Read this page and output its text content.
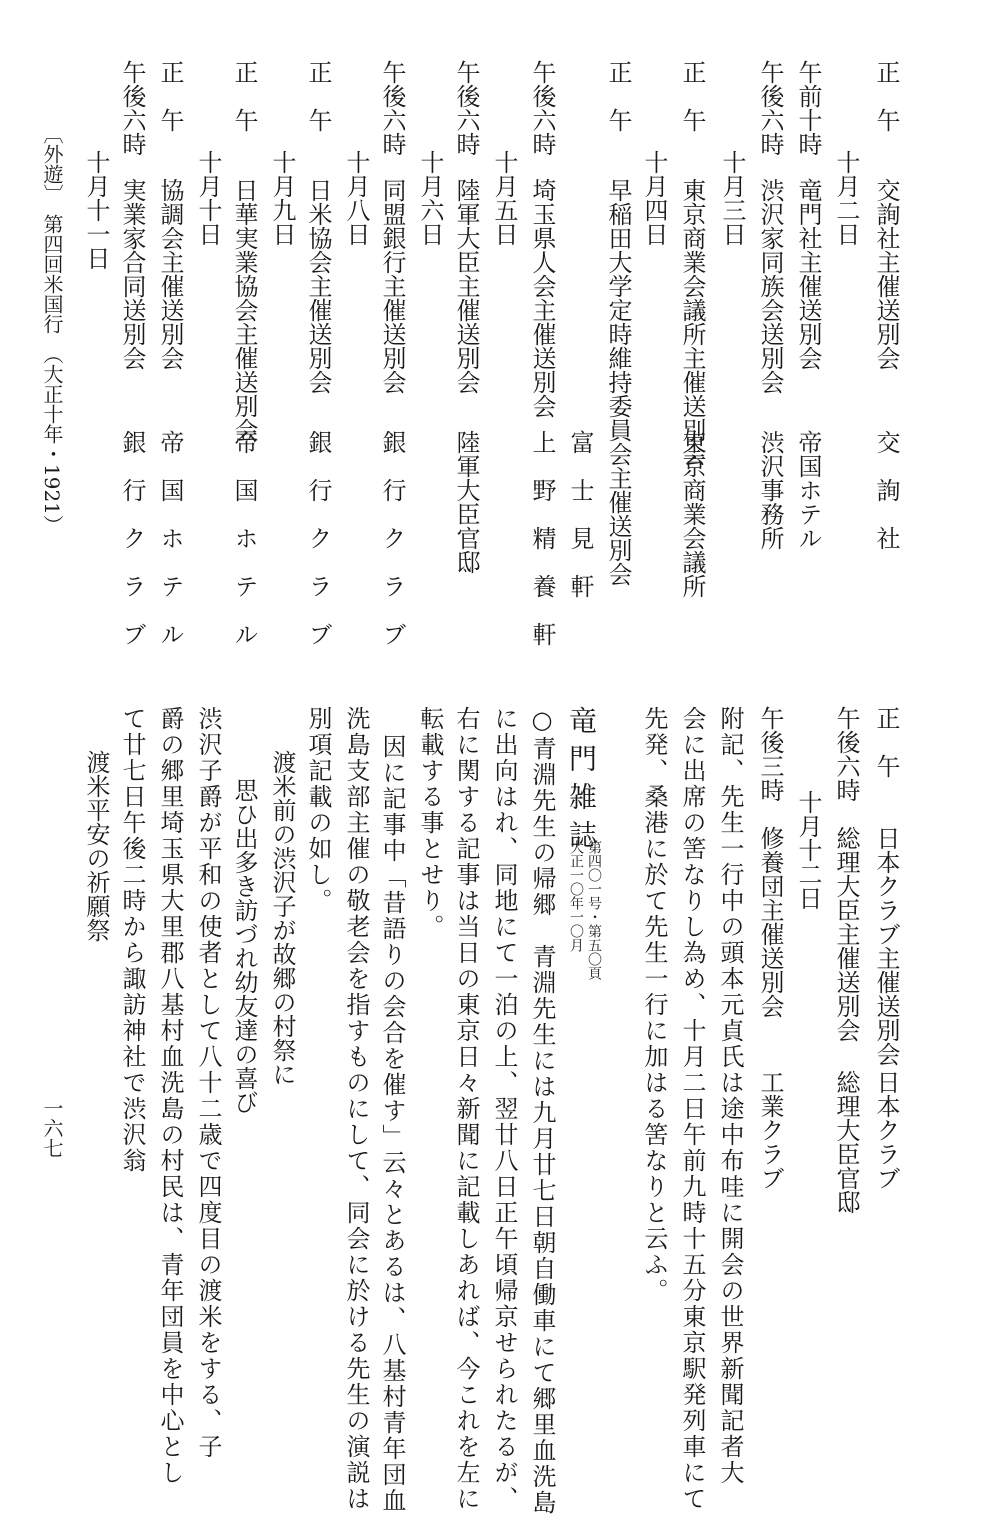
正　午
十月二日 交詢社主催送別会
交　詢　社
午前十時
竜門社主催送別会
帝国ホテル
午後六時
十月三日 渋沢家同族会送別会
渋沢事務所
正　午
東京商業会議所主催送別会
東京商業会議所
正　午
十月四日
早稲田大学定時維持委員会主催送別会
富　士　見　軒
午後六時
十月五日 埼玉県人会主催送別会
上　野　精　養　軒
午後六時
十月六日 陸軍大臣主催送別会
陸軍大臣官邸
午後六時
十月八日 同盟銀行主催送別会
銀　行　ク　ラ　ブ
正　午
十月九日 日米協会主催送別会
銀　行　ク　ラ　ブ
正　午
十月十日 日華実業協会主催送別会
帝　国　ホ　テ　ル
正　午
協調会主催送別会
帝　国　ホ　テ　ル
午後六時
十月十一日 実業家合同送別会
銀　行　ク　ラ　ブ
〔外遊〕
第四回米国行
（大正十年・1921）
一六七
正　午
日本クラブ主催送別会
日本クラブ
午後六時
総理大臣主催送別会
総理大臣官邸
十月十二日
午後三時
修養団主催送別会
工業クラブ
附記、先生一行中の頭本元貞氏は途中布哇に開会の世界新聞記者大
会に出席の筈なりし為め、十月二日午前九時十五分東京駅発列車にて
先発、桑港に於て先生一行に加はる筈なりと云ふ。
竜門雑誌
第四〇一号・第五〇頁
大正一〇年一〇月
○青淵先生の帰郷　青淵先生には九月廿七日朝自働車にて郷里血洗島
に出向はれ、同地にて一泊の上、翌廿八日正午頃帰京せられたるが、
右に関する記事は当日の東京日々新聞に記載しあれば、今これを左に
転載する事とせり。
因に記事中「昔語りの会合を催す」云々とあるは、八基村青年団血
洗島支部主催の敬老会を指すものにして、同会に於ける先生の演説は
別項記載の如し。
渡米前の渋沢子が故郷の村祭に
思ひ出多き訪づれ幼友達の喜び
渋沢子爵が平和の使者として八十二歳で四度目の渡米をする、子
爵の郷里埼玉県大里郡八基村血洗島の村民は、青年団員を中心とし
て廿七日午後二時から諏訪神社で渋沢翁
渡米平安の祈願祭
